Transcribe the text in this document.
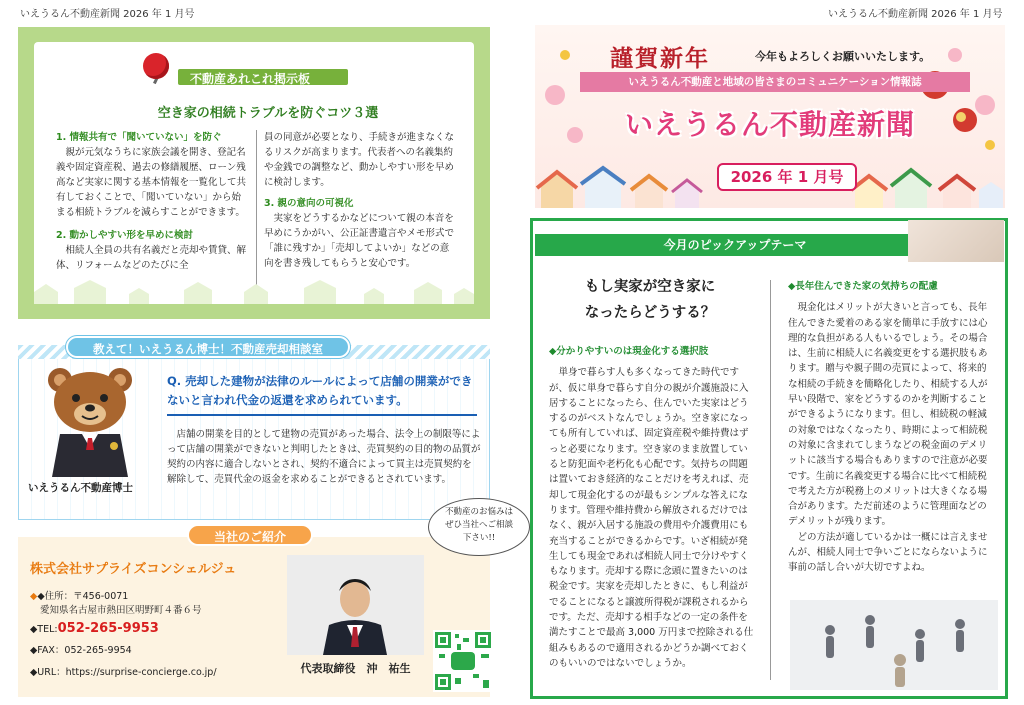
いえうるん不動産新聞 2026 年 1 月号	いえうるん不動産新聞 2026 年 1 月号
不動産あれこれ掲示板
空き家の相続トラブルを防ぐコツ３選
1. 情報共有で「聞いていない」を防ぐ
親が元気なうちに家族会議を開き、登記名義や固定資産税、過去の修繕履歴、ローン残高など実家に関する基本情報を一覧化して共有しておくことで、「聞いていない」から始まる相続トラブルを減らすことができます。
2. 動かしやすい形を早めに検討
相続人全員の共有名義だと売却や賃貸、解体、リフォームなどのたびに全
員の同意が必要となり、手続きが進まなくなるリスクが高まります。代表者への名義集約や金銭での調整など、動かしやすい形を早めに検討します。
3. 親の意向の可視化
実家をどうするかなどについて親の本音を早めにうかがい、公正証書遺言やメモ形式で「誰に残すか」「売却してよいか」などの意向を書き残してもらうと安心です。
教えて！いえうるん博士！不動産売却相談室
いえうるん不動産博士
Q. 売却した建物が法律のルールによって店舗の開業ができないと言われ代金の返還を求められています。
店舗の開業を目的として建物の売買があった場合、法令上の制限等によって店舗の開業ができないと判明したときは、売買契約の目的物の品質が契約の内容に適合しないとされ、契約不適合によって買主は売買契約を解除して、売買代金の返金を求めることができるとされています。
当社のご紹介
株式会社サプライズコンシェルジュ
◆◆住所：〒456-0071
愛知県名古屋市熱田区明野町４番６号
◆TEL:052-265-9953
◆FAX：052-265-9954
◆URL：https://surprise-concierge.co.jp/	代表取締役　沖　祐生	LINE
不動産のお悩みは
ぜひ当社へご相談
下さい!!
謹賀新年	今年もよろしくお願いいたします。
いえうるん不動産と地域の皆さまのコミュニケーション情報誌
いえうるん不動産新聞
2026 年 1 月号
今月のピックアップテーマ
もし実家が空き家に
なったらどうする？
◆分かりやすいのは現金化する選択肢
単身で暮らす人も多くなってきた時代ですが、仮に単身で暮らす自分の親が介護施設に入居することになったら、住んでいた実家はどうするのがベストなんでしょうか。空き家になっても所有していれば、固定資産税や維持費はずっと必要になります。空き家のまま放置していると防犯面や老朽化も心配です。気持ちの問題は置いておき経済的なことだけを考えれば、売却して現金化するのが最もシンプルな答えになります。管理や維持費から解放されるだけではなく、親が入居する施設の費用や介護費用にも充当することができるからです。いざ相続が発生しても現金であれば相続人同士で分けやすくもなります。売却する際に念頭に置きたいのは税金です。実家を売却したときに、もし利益がでることになると譲渡所得税が課税されるからです。ただ、売却する相手などの一定の条件を満たすことで最高 3,000 万円まで控除される仕組みもあるので適用されるかどうか調べておくのもいいのではないでしょうか。
◆長年住んできた家の気持ちの配慮
現金化はメリットが大きいと言っても、長年住んできた愛着のある家を簡単に手放すには心理的な負担がある人もいるでしょう。その場合は、生前に相続人に名義変更をする選択肢もあります。贈与や親子間の売買によって、将来的な相続の手続きを簡略化したり、相続する人が早い段階で、家をどうするのかを判断することができるようになります。但し、相続税の軽減の対象ではなくなったり、時期によって相続税の対象に含まれてしまうなどの税金面のデメリットに該当する場合もありますので注意が必要です。生前に名義変更する場合に比べて相続税で考えた方が税務上のメリットは大きくなる場合があります。ただ前述のように管理面などのデメリットが残ります。
どの方法が適しているかは一概には言えませんが、相続人同士で争いごとにならないように事前の話し合いが大切ですよね。
